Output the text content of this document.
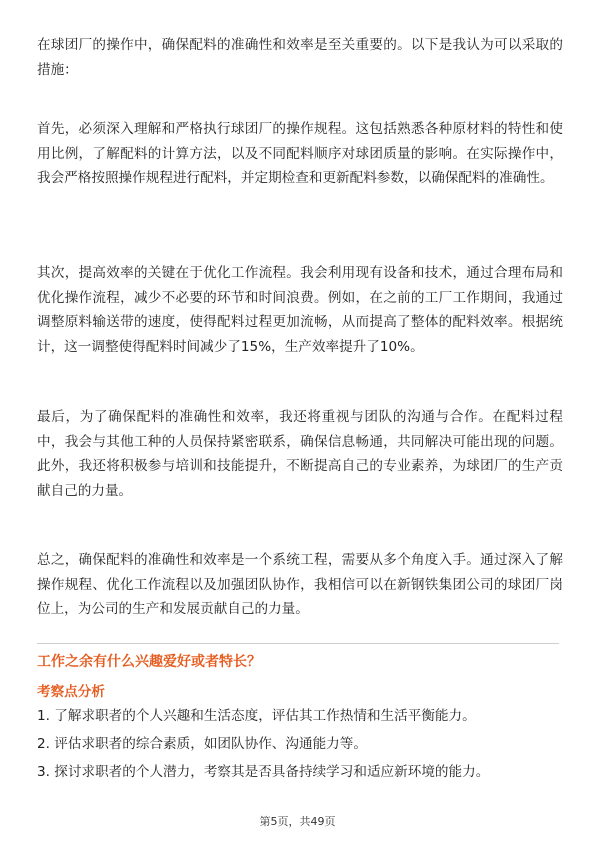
在球团厂的操作中，确保配料的准确性和效率是至关重要的。以下是我认为可以采取的措施：

首先，必须深入理解和严格执行球团厂的操作规程。这包括熟悉各种原材料的特性和使用比例，了解配料的计算方法，以及不同配料顺序对球团质量的影响。在实际操作中，我会严格按照操作规程进行配料，并定期检查和更新配料参数，以确保配料的准确性。

其次，提高效率的关键在于优化工作流程。我会利用现有设备和技术，通过合理布局和优化操作流程，减少不必要的环节和时间浪费。例如，在之前的工厂工作期间，我通过调整原料输送带的速度，使得配料过程更加流畅，从而提高了整体的配料效率。根据统计，这一调整使得配料时间减少了15%，生产效率提升了10%。

最后，为了确保配料的准确性和效率，我还将重视与团队的沟通与合作。在配料过程中，我会与其他工种的人员保持紧密联系，确保信息畅通，共同解决可能出现的问题。此外，我还将积极参与培训和技能提升，不断提高自己的专业素养，为球团厂的生产贡献自己的力量。

总之，确保配料的准确性和效率是一个系统工程，需要从多个角度入手。通过深入了解操作规程、优化工作流程以及加强团队协作，我相信可以在新钢铁集团公司的球团厂岗位上，为公司的生产和发展贡献自己的力量。

工作之余有什么兴趣爱好或者特长？

考察点分析

1. 了解求职者的个人兴趣和生活态度，评估其工作热情和生活平衡能力。

2. 评估求职者的综合素质，如团队协作、沟通能力等。

3. 探讨求职者的个人潜力，考察其是否具备持续学习和适应新环境的能力。

第5页，共49页
